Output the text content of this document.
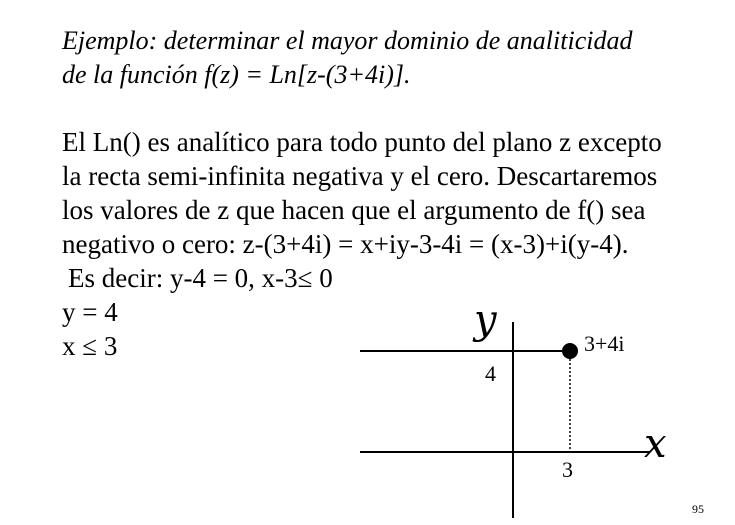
Ejemplo: determinar el mayor dominio de analiticidad
de la función f(z) = Ln[z-(3+4i)].
El Ln() es analítico para todo punto del plano z excepto
la recta semi-infinita negativa y el cero. Descartaremos
los valores de z que hacen que el argumento de f() sea
negativo o cero: z-(3+4i) = x+iy-3-4i = (x-3)+i(y-4).
Es decir: y-4 = 0, x-3≤ 0
y = 4
x ≤ 3
y
x
3+4i
4
3
95
